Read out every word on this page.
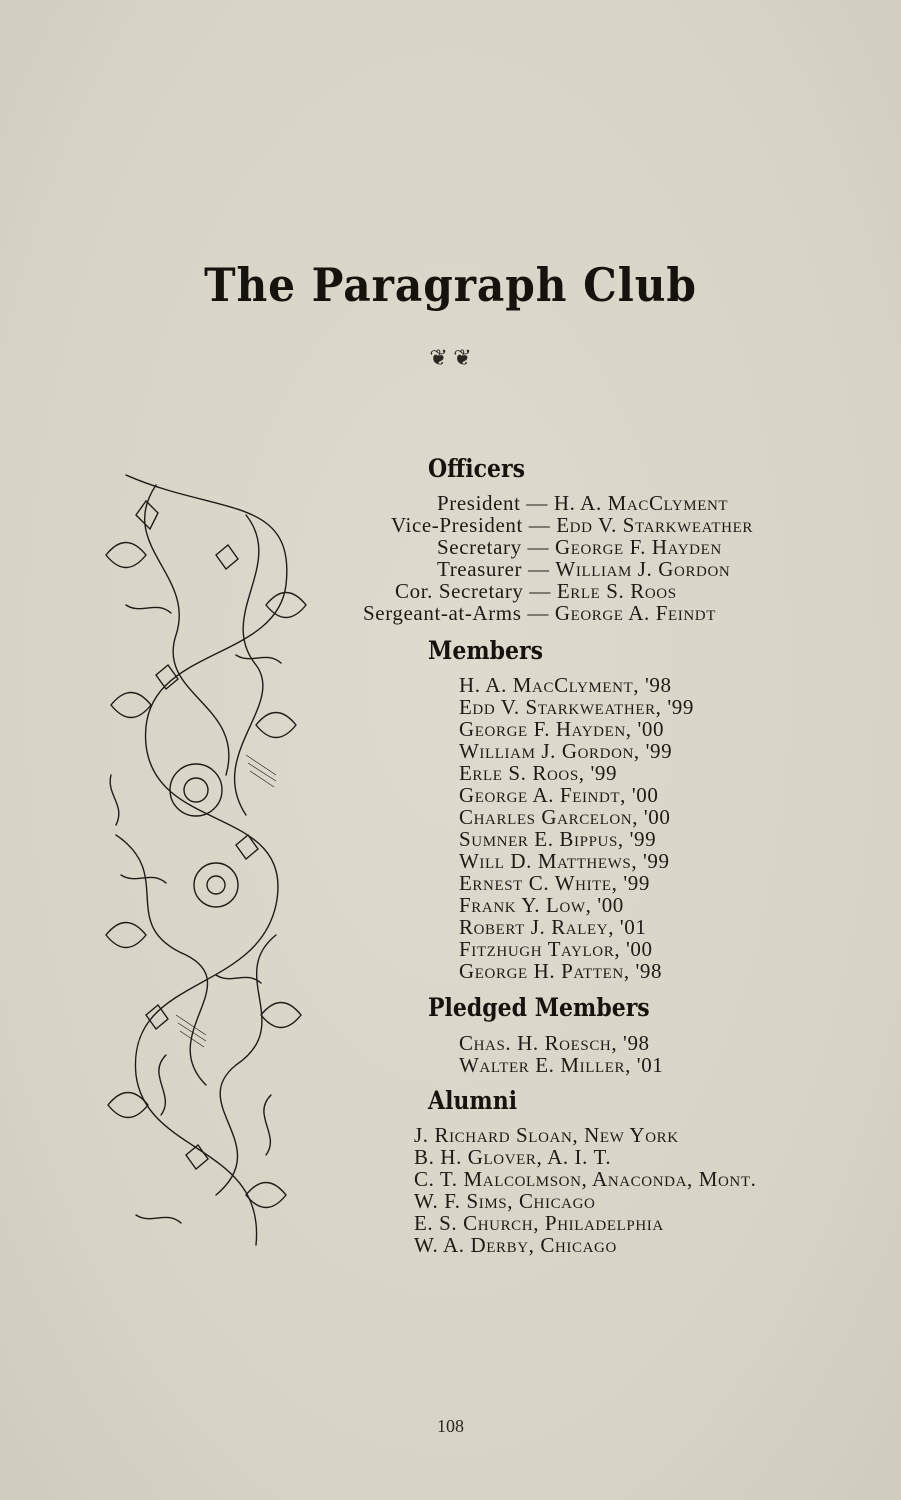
The Paragraph Club
❦ ❦
Officers
President — H. A. MacClyment
Vice-President — Edd V. Starkweather
Secretary — George F. Hayden
Treasurer — William J. Gordon
Cor. Secretary — Erle S. Roos
Sergeant-at-Arms — George A. Feindt
Members
H. A. MacClyment, '98
Edd V. Starkweather, '99
George F. Hayden, '00
William J. Gordon, '99
Erle S. Roos, '99
George A. Feindt, '00
Charles Garcelon, '00
Sumner E. Bippus, '99
Will D. Matthews, '99
Ernest C. White, '99
Frank Y. Low, '00
Robert J. Raley, '01
Fitzhugh Taylor, '00
George H. Patten, '98
Pledged Members
Chas. H. Roesch, '98
Walter E. Miller, '01
Alumni
J. Richard Sloan, New York
B. H. Glover, A. I. T.
C. T. Malcolmson, Anaconda, Mont.
W. F. Sims, Chicago
E. S. Church, Philadelphia
W. A. Derby, Chicago
108
